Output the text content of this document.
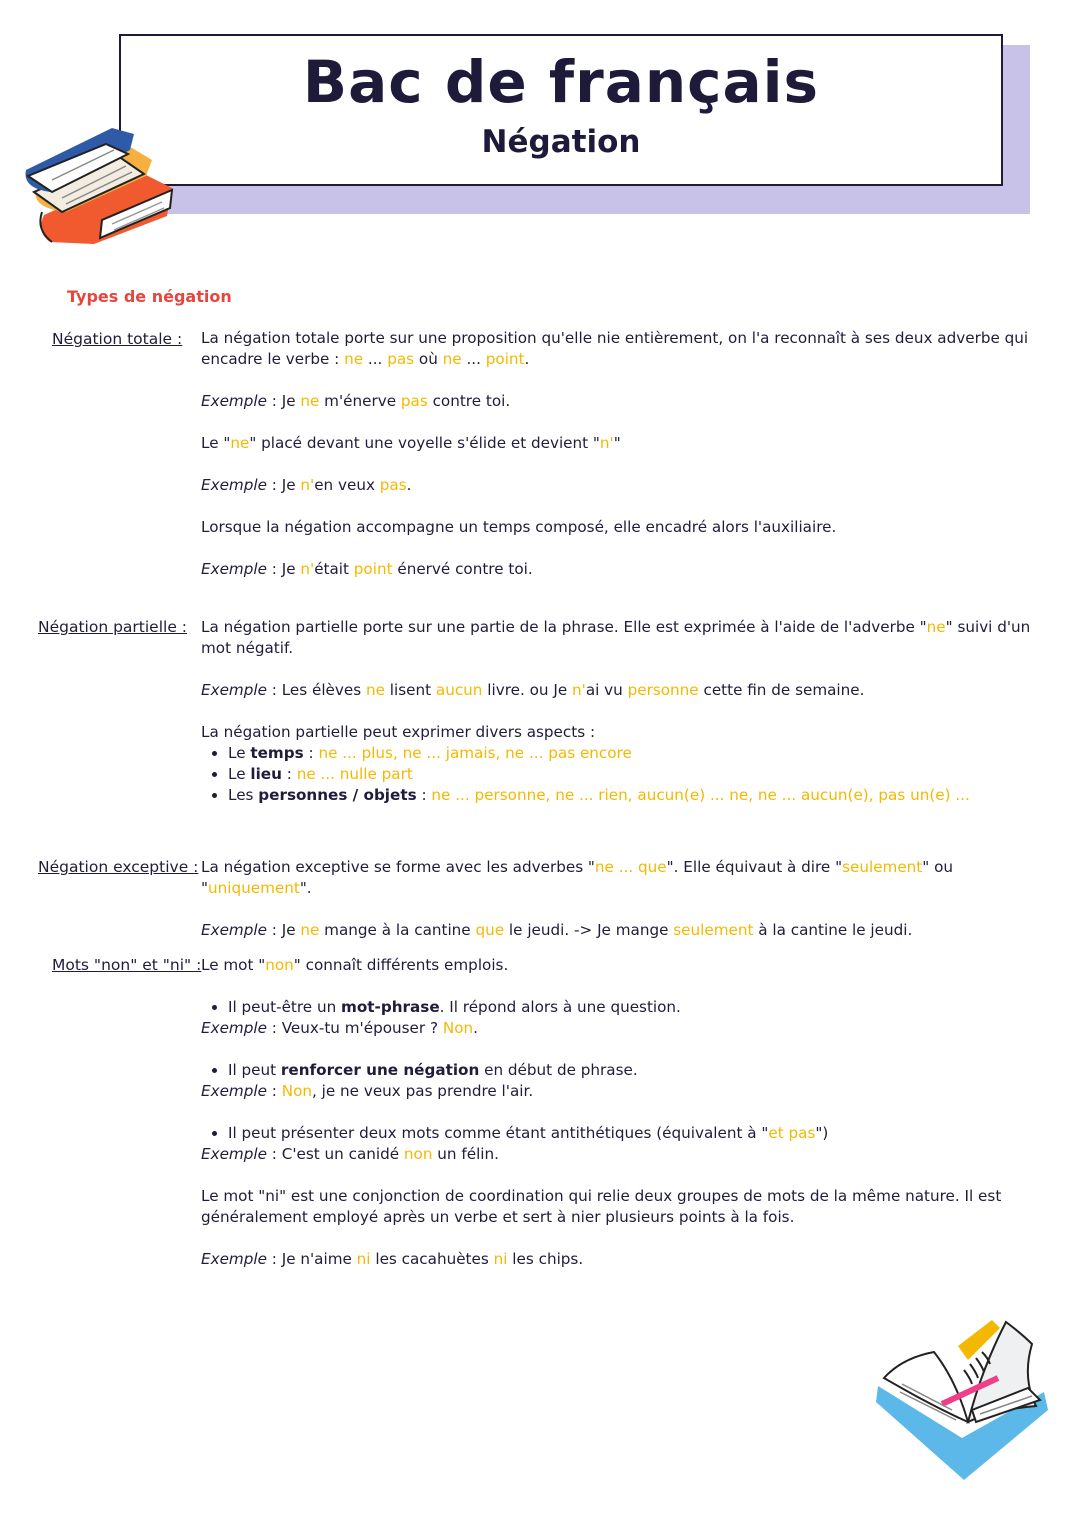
Bac de français
Négation
Types de négation
Négation totale : La négation totale porte sur une proposition qu'elle nie entièrement, on l'a reconnaît à ses deux adverbe qui encadre le verbe : ne ... pas où ne ... point.

Exemple : Je ne m'énerve pas contre toi.

Le "ne" placé devant une voyelle s'élide et devient "n'"

Exemple : Je n'en veux pas.

Lorsque la négation accompagne un temps composé, elle encadré alors l'auxiliaire.

Exemple : Je n'était point énervé contre toi.

Négation partielle : La négation partielle porte sur une partie de la phrase. Elle est exprimée à l'aide de l'adverbe "ne" suivi d'un mot négatif.

Exemple : Les élèves ne lisent aucun livre. ou Je n'ai vu personne cette fin de semaine.

La négation partielle peut exprimer divers aspects :

• Le temps : ne ... plus, ne ... jamais, ne ... pas encore
• Le lieu : ne ... nulle part
• Les personnes / objets : ne ... personne, ne ... rien, aucun(e) ... ne, ne ... aucun(e), pas un(e) ...
Négation exceptive : La négation exceptive se forme avec les adverbes "ne ... que". Elle équivaut à dire "seulement" ou "uniquement".

Exemple : Je ne mange à la cantine que le jeudi. -> Je mange seulement à la cantine le jeudi.

Mots "non" et "ni" : Le mot "non" connaît différents emplois.

• Il peut-être un mot-phrase. Il répond alors à une question.

Exemple : Veux-tu m'épouser ? Non.

• Il peut renforcer une négation en début de phrase.

Exemple : Non, je ne veux pas prendre l'air.

• Il peut présenter deux mots comme étant antithétiques (équivalent à "et pas")

Exemple : C'est un canidé non un félin.

Le mot "ni" est une conjonction de coordination qui relie deux groupes de mots de la même nature. Il est généralement employé après un verbe et sert à nier plusieurs points à la fois.

Exemple : Je n'aime ni les cacahuètes ni les chips.
